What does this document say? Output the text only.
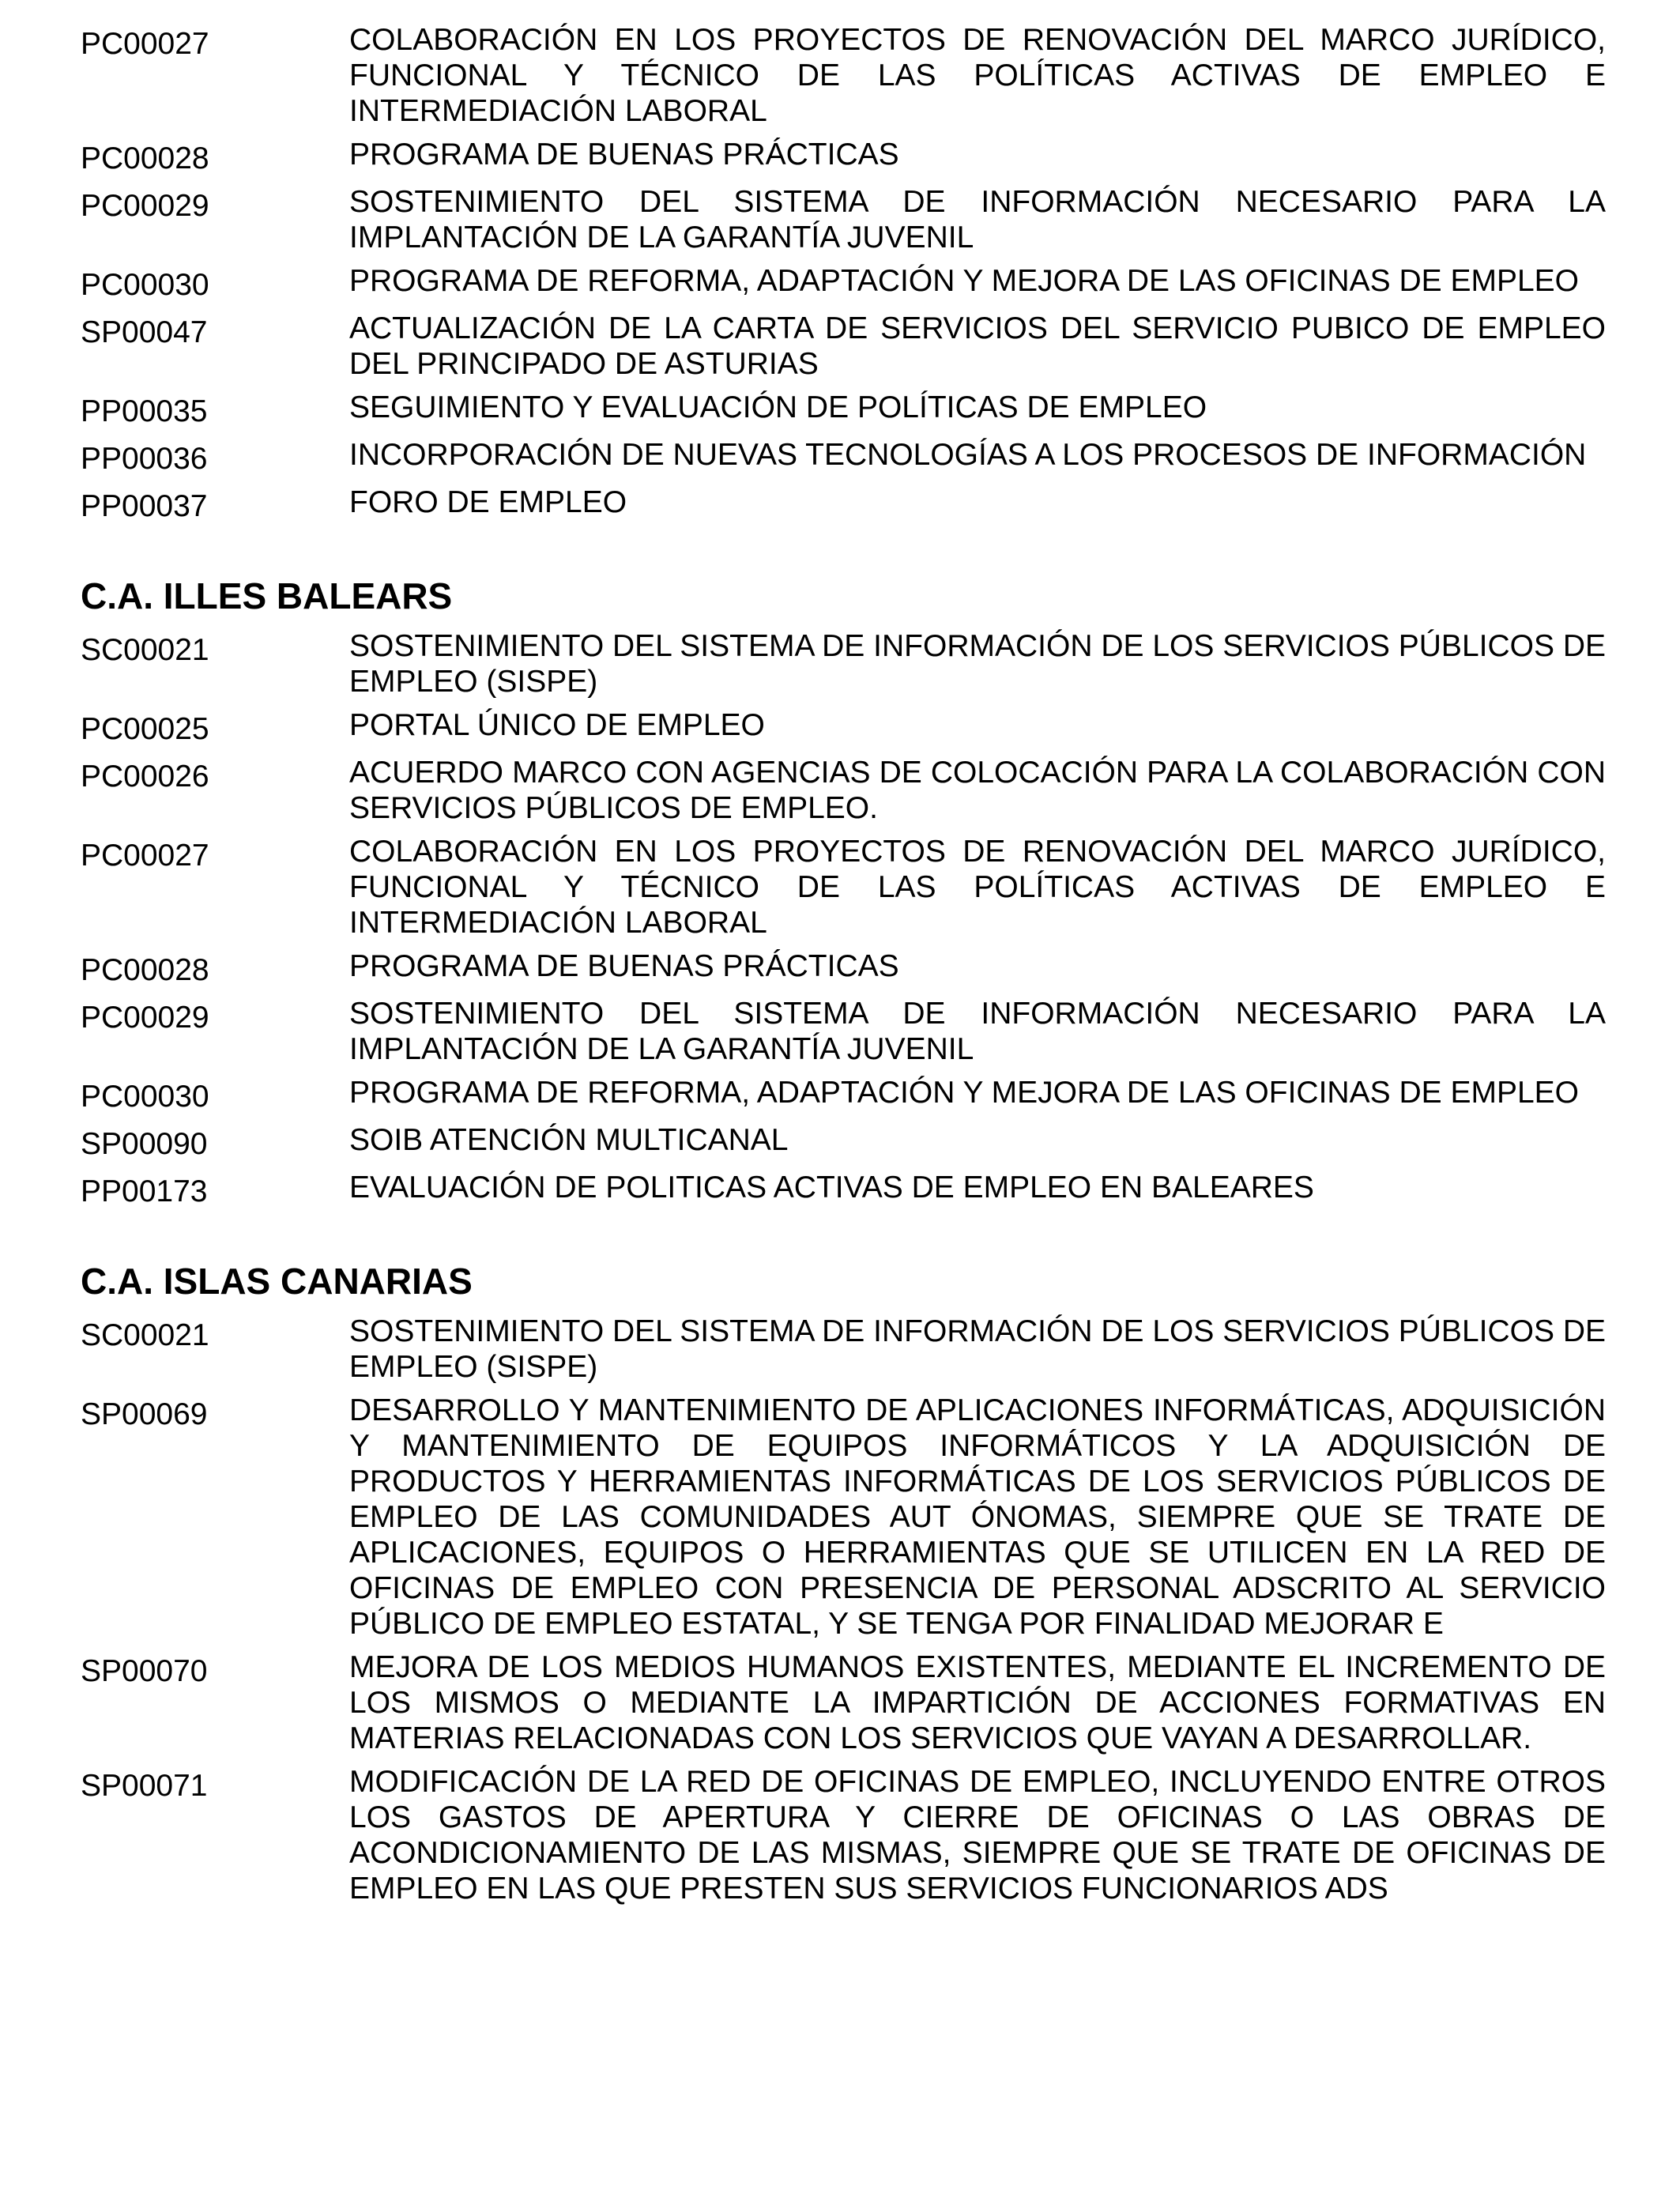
PC00027	COLABORACIÓN EN LOS PROYECTOS DE RENOVACIÓN DEL MARCO JURÍDICO, FUNCIONAL Y TÉCNICO DE LAS POLÍTICAS ACTIVAS DE EMPLEO E INTERMEDIACIÓN LABORAL
PC00028	PROGRAMA DE BUENAS PRÁCTICAS
PC00029	SOSTENIMIENTO DEL SISTEMA DE INFORMACIÓN NECESARIO PARA LA IMPLANTACIÓN DE LA GARANTÍA JUVENIL
PC00030	PROGRAMA DE REFORMA, ADAPTACIÓN Y MEJORA DE LAS OFICINAS DE EMPLEO
SP00047	ACTUALIZACIÓN DE LA CARTA DE SERVICIOS DEL SERVICIO PUBICO DE EMPLEO DEL PRINCIPADO DE ASTURIAS
PP00035	SEGUIMIENTO Y EVALUACIÓN DE POLÍTICAS DE EMPLEO
PP00036	INCORPORACIÓN DE NUEVAS TECNOLOGÍAS A LOS PROCESOS DE INFORMACIÓN
PP00037	FORO DE EMPLEO
C.A. ILLES BALEARS
SC00021	SOSTENIMIENTO DEL SISTEMA DE INFORMACIÓN DE LOS SERVICIOS PÚBLICOS DE EMPLEO (SISPE)
PC00025	PORTAL ÚNICO DE EMPLEO
PC00026	ACUERDO MARCO CON AGENCIAS DE COLOCACIÓN PARA LA COLABORACIÓN CON SERVICIOS PÚBLICOS DE EMPLEO.
PC00027	COLABORACIÓN EN LOS PROYECTOS DE RENOVACIÓN DEL MARCO JURÍDICO, FUNCIONAL Y TÉCNICO DE LAS POLÍTICAS ACTIVAS DE EMPLEO E INTERMEDIACIÓN LABORAL
PC00028	PROGRAMA DE BUENAS PRÁCTICAS
PC00029	SOSTENIMIENTO DEL SISTEMA DE INFORMACIÓN NECESARIO PARA LA IMPLANTACIÓN DE LA GARANTÍA JUVENIL
PC00030	PROGRAMA DE REFORMA, ADAPTACIÓN Y MEJORA DE LAS OFICINAS DE EMPLEO
SP00090	SOIB ATENCIÓN MULTICANAL
PP00173	EVALUACIÓN DE POLITICAS ACTIVAS DE EMPLEO EN BALEARES
C.A. ISLAS CANARIAS
SC00021	SOSTENIMIENTO DEL SISTEMA DE INFORMACIÓN DE LOS SERVICIOS PÚBLICOS DE EMPLEO (SISPE)
SP00069	DESARROLLO Y MANTENIMIENTO DE APLICACIONES INFORMÁTICAS, ADQUISICIÓN Y MANTENIMIENTO DE EQUIPOS INFORMÁTICOS Y LA ADQUISICIÓN DE PRODUCTOS Y HERRAMIENTAS INFORMÁTICAS DE LOS SERVICIOS PÚBLICOS DE EMPLEO DE LAS COMUNIDADES AUT ÓNOMAS, SIEMPRE QUE SE TRATE DE APLICACIONES, EQUIPOS O HERRAMIENTAS QUE SE UTILICEN EN LA RED DE OFICINAS DE EMPLEO CON PRESENCIA DE PERSONAL ADSCRITO AL SERVICIO PÚBLICO DE EMPLEO ESTATAL, Y SE TENGA POR FINALIDAD MEJORAR E
SP00070	MEJORA DE LOS MEDIOS HUMANOS EXISTENTES, MEDIANTE EL INCREMENTO DE LOS MISMOS O MEDIANTE LA IMPARTICIÓN DE ACCIONES FORMATIVAS EN MATERIAS RELACIONADAS CON LOS SERVICIOS QUE VAYAN A DESARROLLAR.
SP00071	MODIFICACIÓN DE LA RED DE OFICINAS DE EMPLEO, INCLUYENDO ENTRE OTROS LOS GASTOS DE APERTURA Y CIERRE DE OFICINAS O LAS OBRAS DE ACONDICIONAMIENTO DE LAS MISMAS, SIEMPRE QUE SE TRATE DE OFICINAS DE EMPLEO EN LAS QUE PRESTEN SUS SERVICIOS FUNCIONARIOS ADS
